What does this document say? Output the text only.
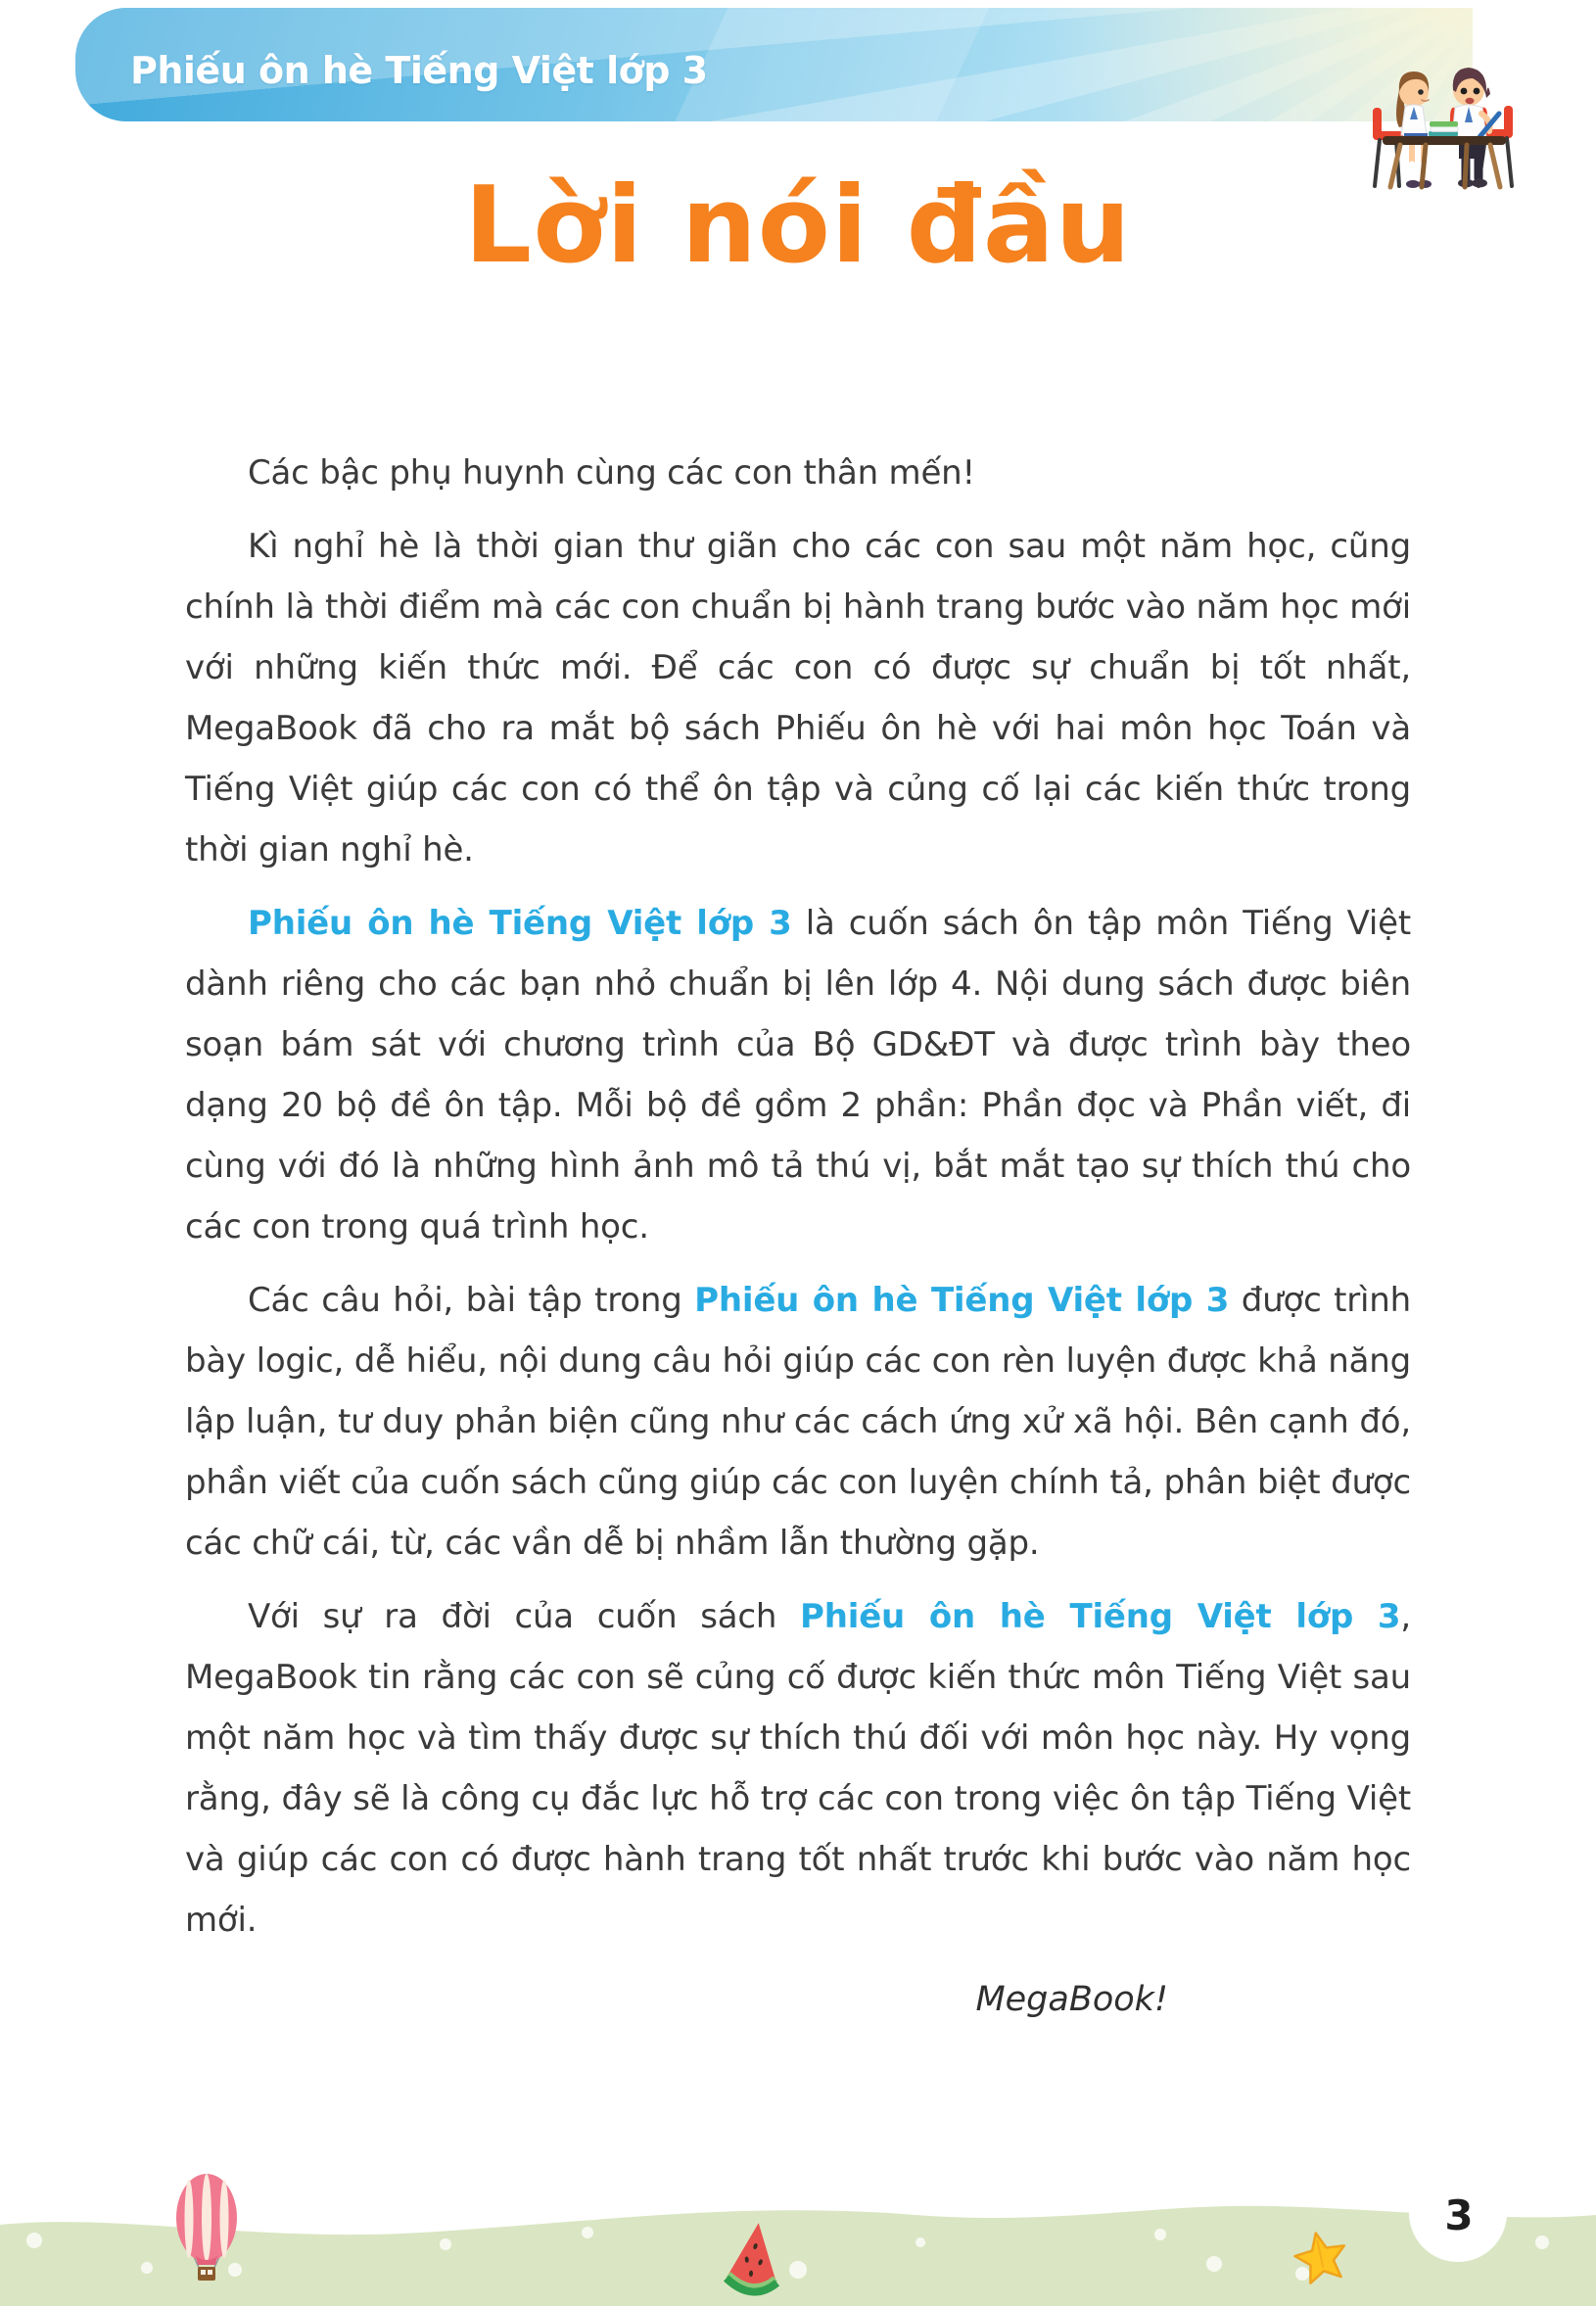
Phiếu ôn hè Tiếng Việt lớp 3
Lời nói đầu

Các bậc phụ huynh cùng các con thân mến!

Kì nghỉ hè là thời gian thư giãn cho các con sau một năm học, cũng chính là thời điểm mà các con chuẩn bị hành trang bước vào năm học mới với những kiến thức mới. Để các con có được sự chuẩn bị tốt nhất, MegaBook đã cho ra mắt bộ sách Phiếu ôn hè với hai môn học Toán và Tiếng Việt giúp các con có thể ôn tập và củng cố lại các kiến thức trong thời gian nghỉ hè.

Phiếu ôn hè Tiếng Việt lớp 3 là cuốn sách ôn tập môn Tiếng Việt dành riêng cho các bạn nhỏ chuẩn bị lên lớp 4. Nội dung sách được biên soạn bám sát với chương trình của Bộ GD&ĐT và được trình bày theo dạng 20 bộ đề ôn tập. Mỗi bộ đề gồm 2 phần: Phần đọc và Phần viết, đi cùng với đó là những hình ảnh mô tả thú vị, bắt mắt tạo sự thích thú cho các con trong quá trình học.

Các câu hỏi, bài tập trong Phiếu ôn hè Tiếng Việt lớp 3 được trình bày logic, dễ hiểu, nội dung câu hỏi giúp các con rèn luyện được khả năng lập luận, tư duy phản biện cũng như các cách ứng xử xã hội. Bên cạnh đó, phần viết của cuốn sách cũng giúp các con luyện chính tả, phân biệt được các chữ cái, từ, các vần dễ bị nhầm lẫn thường gặp.

Với sự ra đời của cuốn sách Phiếu ôn hè Tiếng Việt lớp 3, MegaBook tin rằng các con sẽ củng cố được kiến thức môn Tiếng Việt sau một năm học và tìm thấy được sự thích thú đối với môn học này. Hy vọng rằng, đây sẽ là công cụ đắc lực hỗ trợ các con trong việc ôn tập Tiếng Việt và giúp các con có được hành trang tốt nhất trước khi bước vào năm học mới.

MegaBook!
3
